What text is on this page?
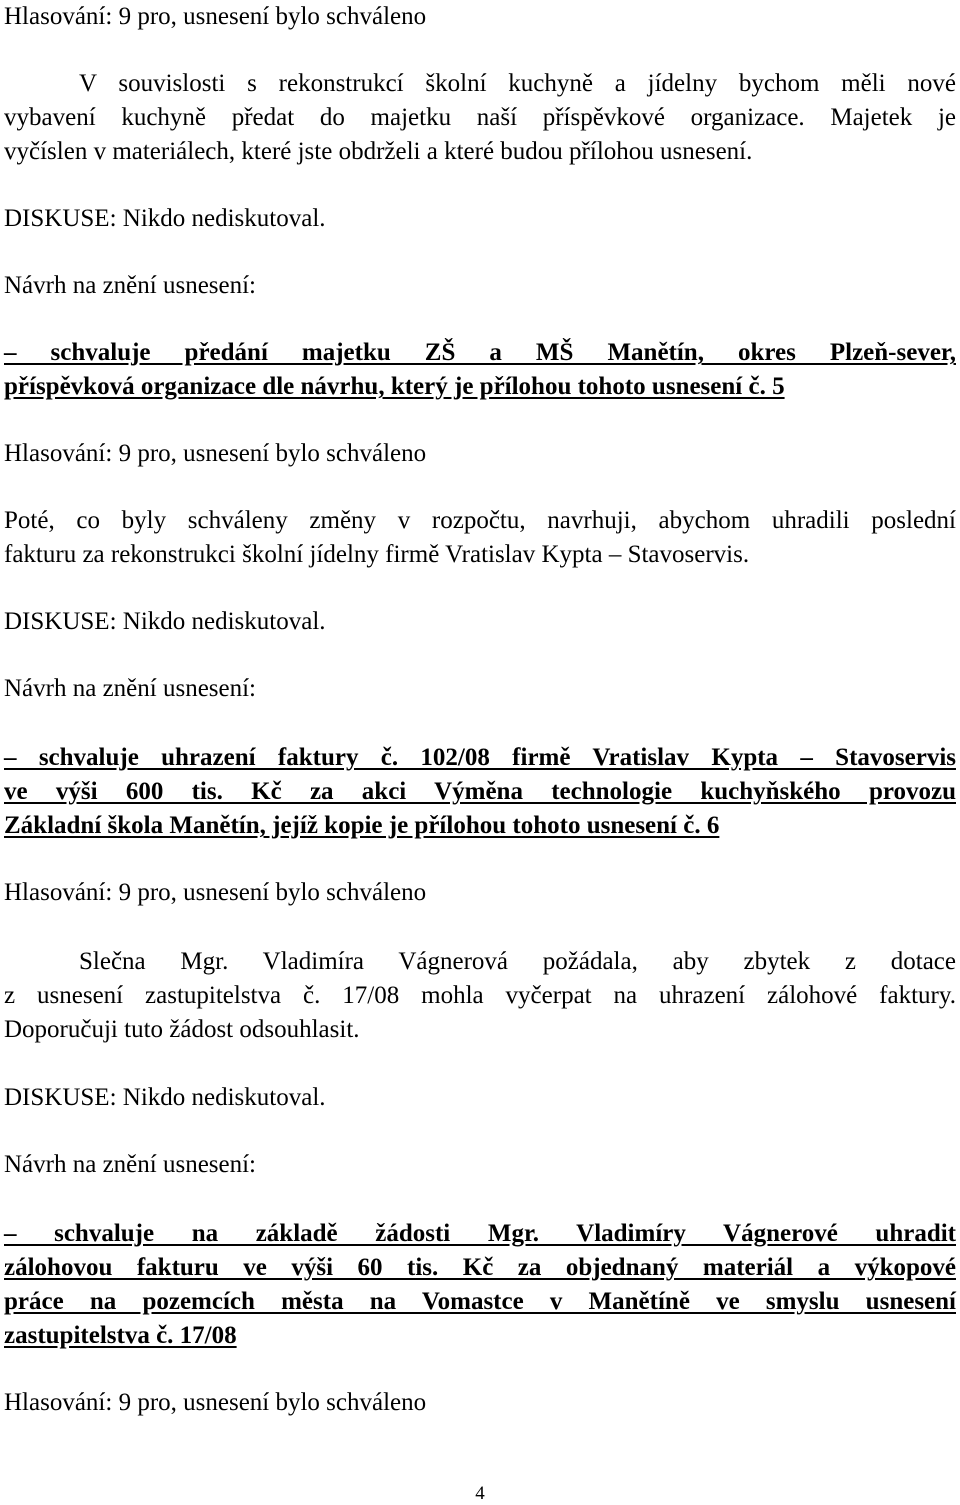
Hlasování: 9 pro, usnesení bylo schváleno

V souvislosti s rekonstrukcí školní kuchyně a jídelny bychom měli nové

vybavení kuchyně předat do majetku naší příspěvkové organizace. Majetek je

vyčíslen v materiálech, které jste obdrželi a které budou přílohou usnesení.

DISKUSE: Nikdo nediskutoval.

Návrh na znění usnesení:

– schvaluje předání majetku ZŠ a MŠ Manětín, okres Plzeň-sever,

příspěvková organizace dle návrhu, který je přílohou tohoto usnesení č. 5

Hlasování: 9 pro, usnesení bylo schváleno

Poté, co byly schváleny změny v rozpočtu, navrhuji, abychom uhradili poslední

fakturu za rekonstrukci školní jídelny firmě Vratislav Kypta – Stavoservis.

DISKUSE: Nikdo nediskutoval.

Návrh na znění usnesení:

– schvaluje uhrazení faktury č. 102/08 firmě Vratislav Kypta – Stavoservis

ve výši 600 tis. Kč za akci Výměna technologie kuchyňského provozu

Základní škola Manětín, jejíž kopie je přílohou tohoto usnesení č. 6

Hlasování: 9 pro, usnesení bylo schváleno

Slečna Mgr. Vladimíra Vágnerová požádala, aby zbytek z dotace

z usnesení zastupitelstva č. 17/08 mohla vyčerpat na uhrazení zálohové faktury.

Doporučuji tuto žádost odsouhlasit.

DISKUSE: Nikdo nediskutoval.

Návrh na znění usnesení:

– schvaluje na základě žádosti Mgr. Vladimíry Vágnerové uhradit

zálohovou fakturu ve výši 60 tis. Kč za objednaný materiál a výkopové

práce na pozemcích města na Vomastce v Manětíně ve smyslu usnesení

zastupitelstva č. 17/08

Hlasování: 9 pro, usnesení bylo schváleno

4
